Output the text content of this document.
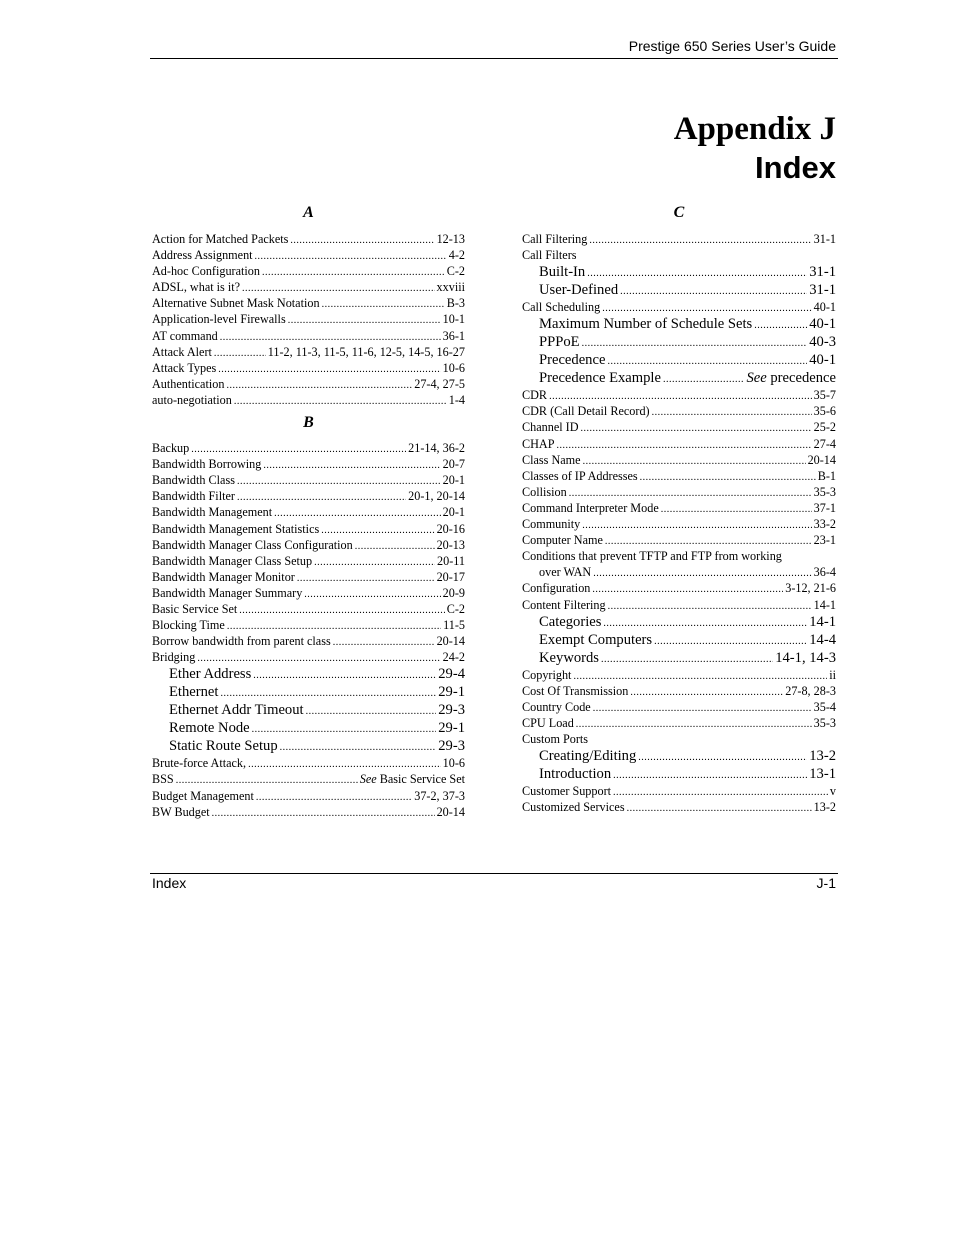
Prestige 650 Series User’s Guide
Appendix J
Index
A
Action for Matched Packets .....	12-13
Address Assignment .....	4-2
Ad-hoc Configuration .....	C-2
ADSL, what is it? .....	xxviii
Alternative Subnet Mask Notation .....	B-3
Application-level Firewalls .....	10-1
AT command .....	36-1
Attack Alert .....	11-2, 11-3, 11-5, 11-6, 12-5, 14-5, 16-27
Attack Types .....	10-6
Authentication .....	27-4, 27-5
auto-negotiation .....	1-4
B
Backup .....	21-14, 36-2
Bandwidth Borrowing .....	20-7
Bandwidth Class .....	20-1
Bandwidth Filter .....	20-1, 20-14
Bandwidth Management .....	20-1
Bandwidth Management Statistics .....	20-16
Bandwidth Manager Class Configuration .....	20-13
Bandwidth Manager Class Setup .....	20-11
Bandwidth Manager Monitor .....	20-17
Bandwidth Manager Summary .....	20-9
Basic Service Set .....	C-2
Blocking Time .....	11-5
Borrow bandwidth from parent class .....	20-14
Bridging .....	24-2
Ether Address .....	29-4
Ethernet .....	29-1
Ethernet Addr Timeout .....	29-3
Remote Node .....	29-1
Static Route Setup .....	29-3
Brute-force Attack, .....	10-6
BSS .....	See Basic Service Set
Budget Management .....	37-2, 37-3
BW Budget .....	20-14
C
Call Filtering .....	31-1
Call Filters
Built-In .....	31-1
User-Defined .....	31-1
Call Scheduling .....	40-1
Maximum Number of Schedule Sets .....	40-1
PPPoE .....	40-3
Precedence .....	40-1
Precedence Example .....	See precedence
CDR .....	35-7
CDR (Call Detail Record) .....	35-6
Channel ID .....	25-2
CHAP .....	27-4
Class Name .....	20-14
Classes of IP Addresses .....	B-1
Collision .....	35-3
Command Interpreter Mode .....	37-1
Community .....	33-2
Computer Name .....	23-1
Conditions that prevent TFTP and FTP from working
over WAN .....	36-4
Configuration .....	3-12, 21-6
Content Filtering .....	14-1
Categories .....	14-1
Exempt Computers .....	14-4
Keywords .....	14-1, 14-3
Copyright .....	ii
Cost Of Transmission .....	27-8, 28-3
Country Code .....	35-4
CPU Load .....	35-3
Custom Ports
Creating/Editing .....	13-2
Introduction .....	13-1
Customer Support .....	v
Customized Services .....	13-2
Index	J-1
